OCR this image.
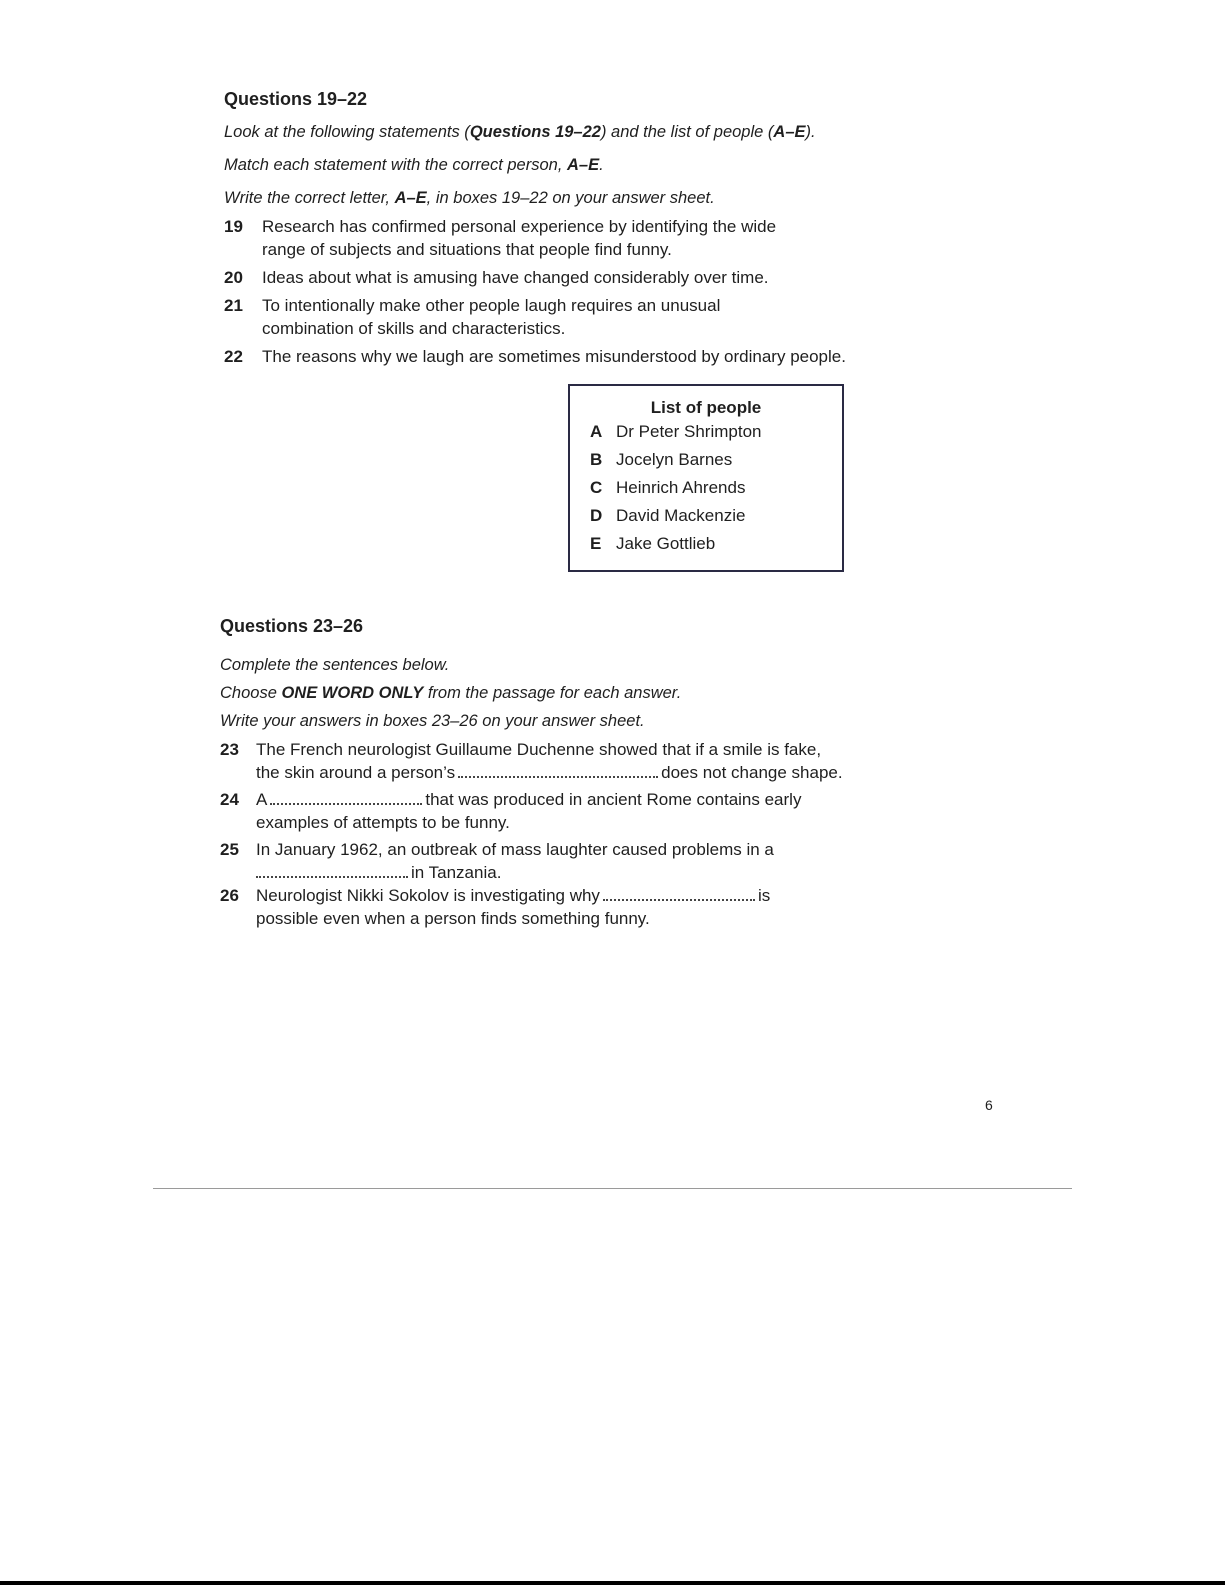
Questions 19–22
Look at the following statements (Questions 19–22) and the list of people (A–E).
Match each statement with the correct person, A–E.
Write the correct letter, A–E, in boxes 19–22 on your answer sheet.
19 Research has confirmed personal experience by identifying the wide
range of subjects and situations that people find funny.
20 Ideas about what is amusing have changed considerably over time.
21 To intentionally make other people laugh requires an unusual
combination of skills and characteristics.
22 The reasons why we laugh are sometimes misunderstood by ordinary people.
List of people
A Dr Peter Shrimpton
B Jocelyn Barnes
C Heinrich Ahrends
D David Mackenzie
E Jake Gottlieb
Questions 23–26
Complete the sentences below.
Choose ONE WORD ONLY from the passage for each answer.
Write your answers in boxes 23–26 on your answer sheet.
23 The French neurologist Guillaume Duchenne showed that if a smile is fake,
the skin around a person’s	does not change shape.
24 A	that was produced in ancient Rome contains early
examples of attempts to be funny.
25 In January 1962, an outbreak of mass laughter caused problems in a
in Tanzania.
26 Neurologist Nikki Sokolov is investigating why	is
possible even when a person finds something funny.
6
